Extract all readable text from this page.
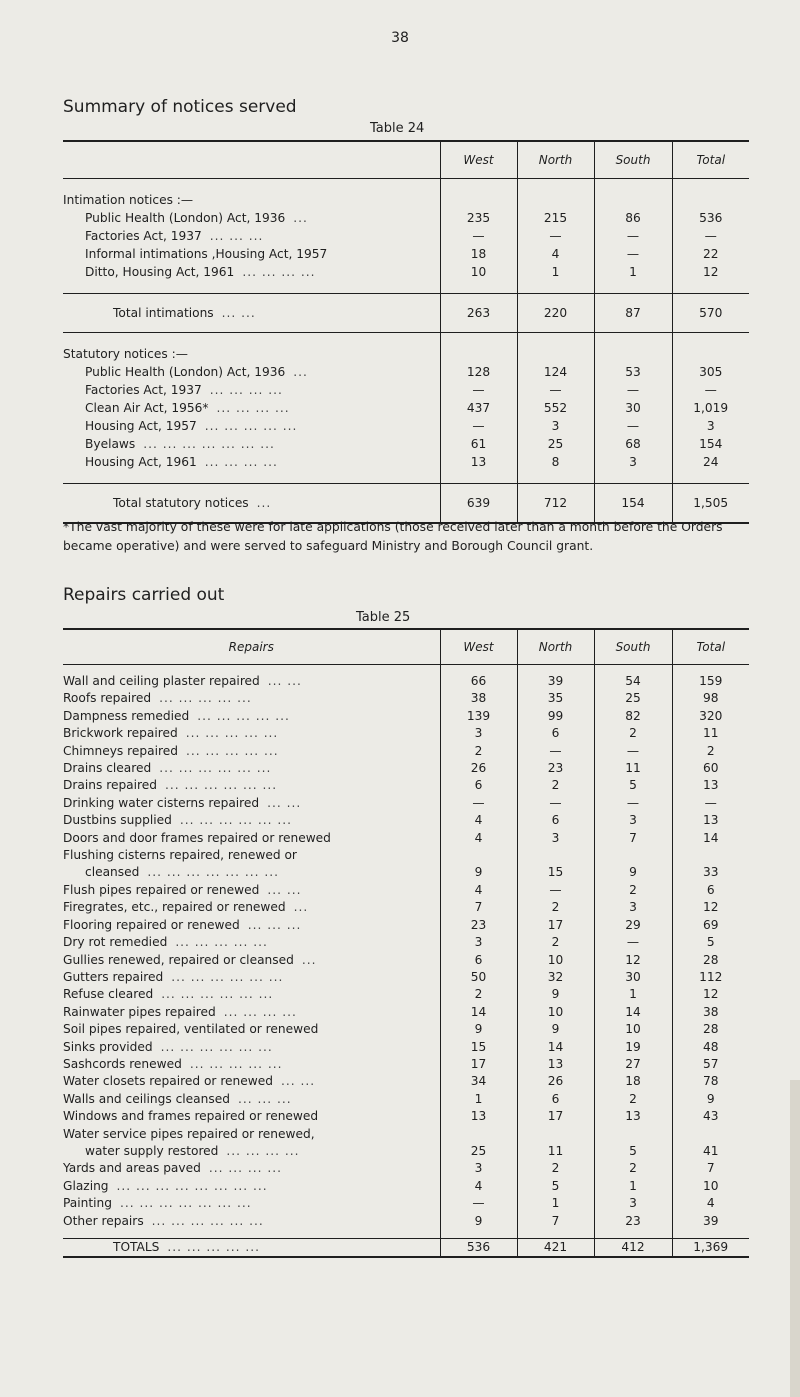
38
Summary of notices served
Table 24
	West	North	South	Total

Intimation notices :—				
Public Health (London) Act, 1936 ...	235	215	86	536
Factories Act, 1937 ... ... ...	—	—	—	—
Informal intimations ,Housing Act, 1957	18	4	—	22
Ditto, Housing Act, 1961 ... ... ... ...	10	1	1	12

Total intimations ... ...	263	220	87	570

Statutory notices :—				
Public Health (London) Act, 1936 ...	128	124	53	305
Factories Act, 1937 ... ... ... ...	—	—	—	—
Clean Air Act, 1956* ... ... ... ...	437	552	30	1,019
Housing Act, 1957 ... ... ... ... ...	—	3	—	3
Byelaws ... ... ... ... ... ... ...	61	25	68	154
Housing Act, 1961 ... ... ... ...	13	8	3	24

Total statutory notices ...	639	712	154	1,505
*The vast majority of these were for late applications (those received later than a month before the Orders became operative) and were served to safeguard Ministry and Borough Council grant.
Repairs carried out
Table 25
Repairs	West	North	South	Total

Wall and ceiling plaster repaired ... ...	66	39	54	159
Roofs repaired ... ... ... ... ...	38	35	25	98
Dampness remedied ... ... ... ... ...	139	99	82	320
Brickwork repaired ... ... ... ... ...	3	6	2	11
Chimneys repaired ... ... ... ... ...	2	—	—	2
Drains cleared ... ... ... ... ... ...	26	23	11	60
Drains repaired ... ... ... ... ... ...	6	2	5	13
Drinking water cisterns repaired ... ...	—	—	—	—
Dustbins supplied ... ... ... ... ... ...	4	6	3	13
Doors and door frames repaired or renewed	4	3	7	14
Flushing cisterns repaired, renewed or				
cleansed ... ... ... ... ... ... ...	9	15	9	33
Flush pipes repaired or renewed ... ...	4	—	2	6
Firegrates, etc., repaired or renewed ...	7	2	3	12
Flooring repaired or renewed ... ... ...	23	17	29	69
Dry rot remedied ... ... ... ... ...	3	2	—	5
Gullies renewed, repaired or cleansed ...	6	10	12	28
Gutters repaired ... ... ... ... ... ...	50	32	30	112
Refuse cleared ... ... ... ... ... ...	2	9	1	12
Rainwater pipes repaired ... ... ... ...	14	10	14	38
Soil pipes repaired, ventilated or renewed	9	9	10	28
Sinks provided ... ... ... ... ... ...	15	14	19	48
Sashcords renewed ... ... ... ... ...	17	13	27	57
Water closets repaired or renewed ... ...	34	26	18	78
Walls and ceilings cleansed ... ... ...	1	6	2	9
Windows and frames repaired or renewed	13	17	13	43
Water service pipes repaired or renewed,				
water supply restored ... ... ... ...	25	11	5	41
Yards and areas paved ... ... ... ...	3	2	2	7
Glazing ... ... ... ... ... ... ... ...	4	5	1	10
Painting ... ... ... ... ... ... ...	—	1	3	4
Other repairs ... ... ... ... ... ...	9	7	23	39

TOTALS ... ... ... ... ...	536	421	412	1,369
